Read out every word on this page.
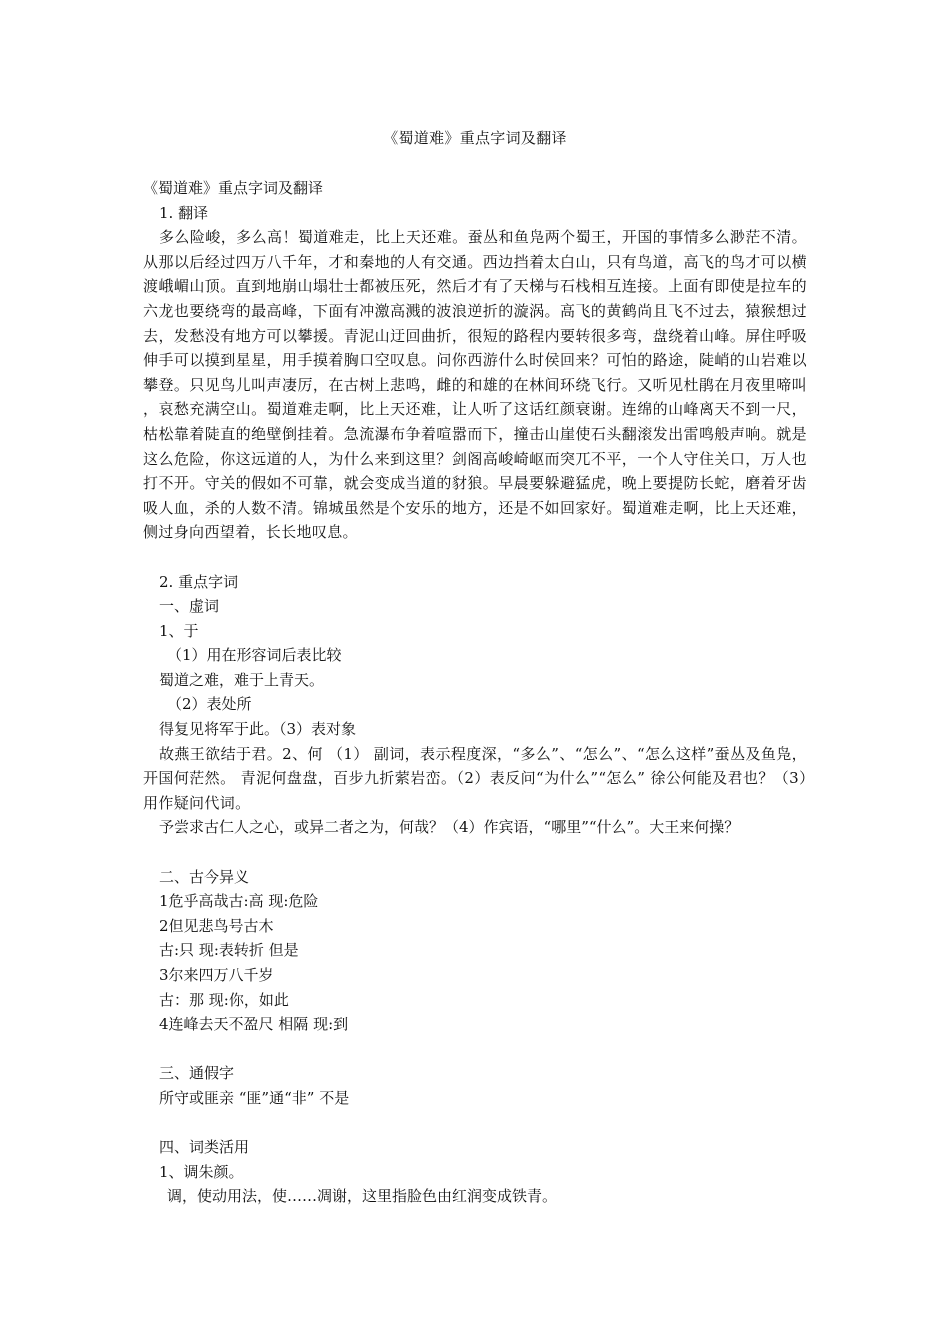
《蜀道难》重点字词及翻译
《蜀道难》重点字词及翻译
1. 翻译

多么险峻，多么高！蜀道难走，比上天还难。蚕丛和鱼凫两个蜀王，开国的事情多么渺茫不清。从那以后经过四万八千年，才和秦地的人有交通。西边挡着太白山，只有鸟道，高飞的鸟才可以横渡峨嵋山顶。直到地崩山塌壮士都被压死，然后才有了天梯与石栈相互连接。上面有即使是拉车的六龙也要绕弯的最高峰，下面有冲激高溅的波浪逆折的漩涡。高飞的黄鹤尚且飞不过去，猿猴想过去，发愁没有地方可以攀援。青泥山迂回曲折，很短的路程内要转很多弯，盘绕着山峰。屏住呼吸伸手可以摸到星星，用手摸着胸口空叹息。问你西游什么时侯回来？可怕的路途，陡峭的山岩难以攀登。只见鸟儿叫声凄厉，在古树上悲鸣，雌的和雄的在林间环绕飞行。又听见杜鹃在月夜里啼叫，哀愁充满空山。蜀道难走啊，比上天还难，让人听了这话红颜衰谢。连绵的山峰离天不到一尺，枯松靠着陡直的绝壁倒挂着。急流瀑布争着喧嚣而下，撞击山崖使石头翻滚发出雷鸣般声响。就是这么危险，你这远道的人，为什么来到这里？剑阁高峻崎岖而突兀不平，一个人守住关口，万人也打不开。守关的假如不可靠，就会变成当道的豺狼。早晨要躲避猛虎，晚上要提防长蛇，磨着牙齿吸人血，杀的人数不清。锦城虽然是个安乐的地方，还是不如回家好。蜀道难走啊，比上天还难，侧过身向西望着，长长地叹息。

2. 重点字词
一、虚词
1、于
（1）用在形容词后表比较
蜀道之难，难于上青天。
（2）表处所
得复见将军于此。（3）表对象

故燕王欲结于君。2、何 （1） 副词，表示程度深，“多么”、“怎么”、“怎么这样”蚕丛及鱼凫，开国何茫然。 青泥何盘盘，百步九折萦岩峦。（2）表反问“为什么”“怎么” 徐公何能及君也？（3）用作疑问代词。

予尝求古仁人之心，或异二者之为，何哉？（4）作宾语，“哪里”“什么”。大王来何操？
二、古今异义
1危乎高哉古:高 现:危险
2但见悲鸟号古木
古:只 现:表转折 但是
3尔来四万八千岁
古：那 现:你，如此
4连峰去天不盈尺 相隔 现:到
三、通假字
所守或匪亲 “匪”通“非” 不是
四、词类活用
1、调朱颜。
调，使动用法，使……凋谢，这里指脸色由红润变成铁青。
